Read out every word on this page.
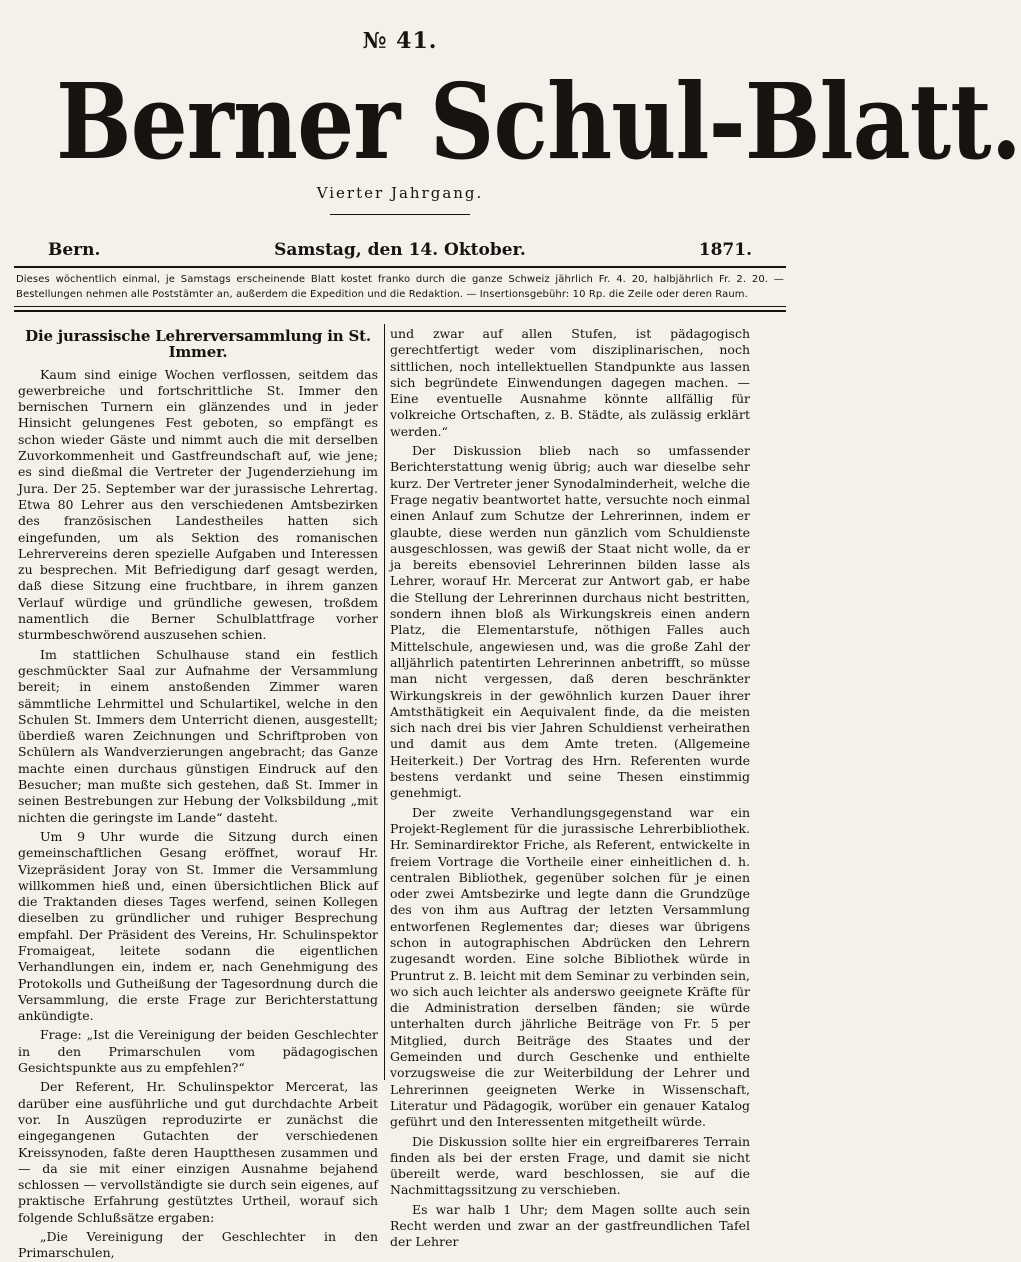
№ 41.
Berner Schul-Blatt.
Vierter Jahrgang.
Bern.	Samstag, den 14. Oktober.	1871.
Dieses wöchentlich einmal, je Samstags erscheinende Blatt kostet franko durch die ganze Schweiz jährlich Fr. 4. 20, halbjährlich Fr. 2. 20. — Bestellungen nehmen alle Poststämter an, außerdem die Expedition und die Redaktion. — Insertionsgebühr: 10 Rp. die Zeile oder deren Raum.
Die jurassische Lehrerversammlung in St. Immer.

Kaum sind einige Wochen verflossen, seitdem das gewerbreiche und fortschrittliche St. Immer den bernischen Turnern ein glänzendes und in jeder Hinsicht gelungenes Fest geboten, so empfängt es schon wieder Gäste und nimmt auch die mit derselben Zuvorkommenheit und Gastfreundschaft auf, wie jene; es sind dießmal die Vertreter der Jugenderziehung im Jura. Der 25. September war der jurassische Lehrertag. Etwa 80 Lehrer aus den verschiedenen Amtsbezirken des französischen Landestheiles hatten sich eingefunden, um als Sektion des romanischen Lehrervereins deren spezielle Aufgaben und Interessen zu besprechen. Mit Befriedigung darf gesagt werden, daß diese Sitzung eine fruchtbare, in ihrem ganzen Verlauf würdige und gründliche gewesen, troßdem namentlich die Berner Schulblattfrage vorher sturmbeschwörend auszusehen schien.

Im stattlichen Schulhause stand ein festlich geschmückter Saal zur Aufnahme der Versammlung bereit; in einem anstoßenden Zimmer waren sämmtliche Lehrmittel und Schulartikel, welche in den Schulen St. Immers dem Unterricht dienen, ausgestellt; überdieß waren Zeichnungen und Schriftproben von Schülern als Wandverzierungen angebracht; das Ganze machte einen durchaus günstigen Eindruck auf den Besucher; man mußte sich gestehen, daß St. Immer in seinen Bestrebungen zur Hebung der Volksbildung „mit nichten die geringste im Lande“ dasteht.

Um 9 Uhr wurde die Sitzung durch einen gemeinschaftlichen Gesang eröffnet, worauf Hr. Vizepräsident Joray von St. Immer die Versammlung willkommen hieß und, einen übersichtlichen Blick auf die Traktanden dieses Tages werfend, seinen Kollegen dieselben zu gründlicher und ruhiger Besprechung empfahl. Der Präsident des Vereins, Hr. Schulinspektor Fromaigeat, leitete sodann die eigentlichen Verhandlungen ein, indem er, nach Genehmigung des Protokolls und Gutheißung der Tagesordnung durch die Versammlung, die erste Frage zur Berichterstattung ankündigte.

Frage: „Ist die Vereinigung der beiden Geschlechter in den Primarschulen vom pädagogischen Gesichtspunkte aus zu empfehlen?“

Der Referent, Hr. Schulinspektor Mercerat, las darüber eine ausführliche und gut durchdachte Arbeit vor. In Auszügen reproduzirte er zunächst die eingegangenen Gutachten der verschiedenen Kreissynoden, faßte deren Hauptthesen zusammen und — da sie mit einer einzigen Ausnahme bejahend schlossen — vervollständigte sie durch sein eigenes, auf praktische Erfahrung gestütztes Urtheil, worauf sich folgende Schlußsätze ergaben:

„Die Vereinigung der Geschlechter in den Primarschulen,

und zwar auf allen Stufen, ist pädagogisch gerechtfertigt weder vom disziplinarischen, noch sittlichen, noch intellektuellen Standpunkte aus lassen sich begründete Einwendungen dagegen machen. — Eine eventuelle Ausnahme könnte allfällig für volkreiche Ortschaften, z. B. Städte, als zulässig erklärt werden.“

Der Diskussion blieb nach so umfassender Berichterstattung wenig übrig; auch war dieselbe sehr kurz. Der Vertreter jener Synodalminderheit, welche die Frage negativ beantwortet hatte, versuchte noch einmal einen Anlauf zum Schutze der Lehrerinnen, indem er glaubte, diese werden nun gänzlich vom Schuldienste ausgeschlossen, was gewiß der Staat nicht wolle, da er ja bereits ebensoviel Lehrerinnen bilden lasse als Lehrer, worauf Hr. Mercerat zur Antwort gab, er habe die Stellung der Lehrerinnen durchaus nicht bestritten, sondern ihnen bloß als Wirkungskreis einen andern Platz, die Elementarstufe, nöthigen Falles auch Mittelschule, angewiesen und, was die große Zahl der alljährlich patentirten Lehrerinnen anbetrifft, so müsse man nicht vergessen, daß deren beschränkter Wirkungskreis in der gewöhnlich kurzen Dauer ihrer Amtsthätigkeit ein Aequivalent finde, da die meisten sich nach drei bis vier Jahren Schuldienst verheirathen und damit aus dem Amte treten. (Allgemeine Heiterkeit.) Der Vortrag des Hrn. Referenten wurde bestens verdankt und seine Thesen einstimmig genehmigt.

Der zweite Verhandlungsgegenstand war ein Projekt-Reglement für die jurassische Lehrerbibliothek. Hr. Seminardirektor Friche, als Referent, entwickelte in freiem Vortrage die Vortheile einer einheitlichen d. h. centralen Bibliothek, gegenüber solchen für je einen oder zwei Amtsbezirke und legte dann die Grundzüge des von ihm aus Auftrag der letzten Versammlung entworfenen Reglementes dar; dieses war übrigens schon in autographischen Abdrücken den Lehrern zugesandt worden. Eine solche Bibliothek würde in Pruntrut z. B. leicht mit dem Seminar zu verbinden sein, wo sich auch leichter als anderswo geeignete Kräfte für die Administration derselben fänden; sie würde unterhalten durch jährliche Beiträge von Fr. 5 per Mitglied, durch Beiträge des Staates und der Gemeinden und durch Geschenke und enthielte vorzugsweise die zur Weiterbildung der Lehrer und Lehrerinnen geeigneten Werke in Wissenschaft, Literatur und Pädagogik, worüber ein genauer Katalog geführt und den Interessenten mitgetheilt würde.

Die Diskussion sollte hier ein ergreifbareres Terrain finden als bei der ersten Frage, und damit sie nicht übereilt werde, ward beschlossen, sie auf die Nachmittagssitzung zu verschieben.

Es war halb 1 Uhr; dem Magen sollte auch sein Recht werden und zwar an der gastfreundlichen Tafel der Lehrer
